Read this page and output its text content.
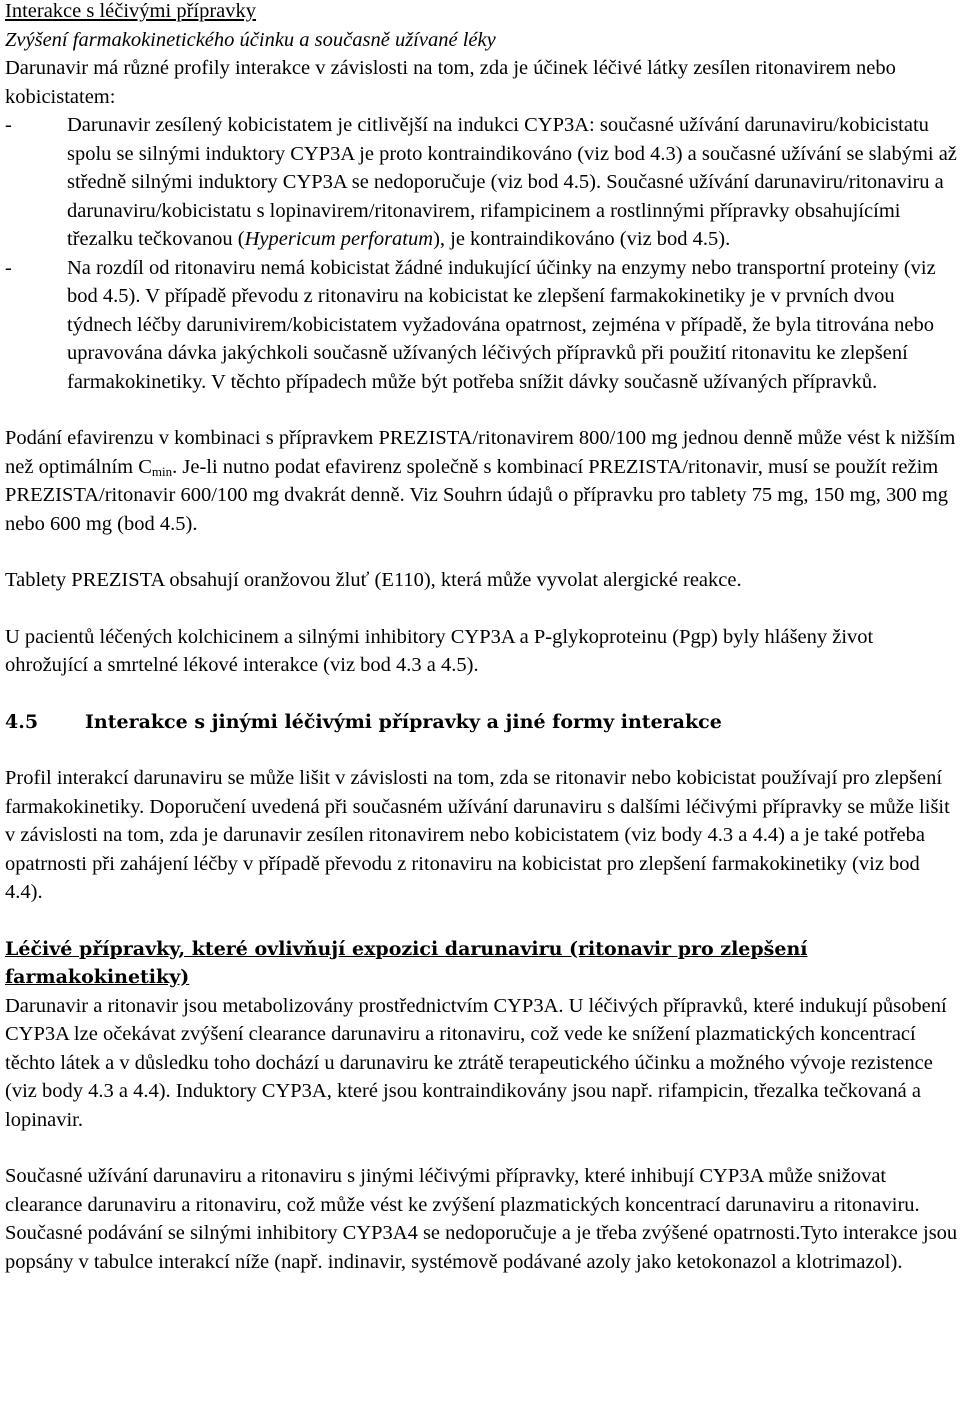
Interakce s léčivými přípravky

Zvýšení farmakokinetického účinku a současně užívané léky

Darunavir má různé profily interakce v závislosti na tom, zda je účinek léčivé látky zesílen ritonavirem nebo kobicistatem:

-	Darunavir zesílený kobicistatem je citlivější na indukci CYP3A: současné užívání darunaviru/kobicistatu spolu se silnými induktory CYP3A je proto kontraindikováno (viz bod 4.3) a současné užívání se slabými až středně silnými induktory CYP3A se nedoporučuje (viz bod 4.5). Současné užívání darunaviru/ritonaviru a darunaviru/kobicistatu s lopinavirem/ritonavirem, rifampicinem a rostlinnými přípravky obsahujícími třezalku tečkovanou (Hypericum perforatum), je kontraindikováno (viz bod 4.5).
-	Na rozdíl od ritonaviru nemá kobicistat žádné indukující účinky na enzymy nebo transportní proteiny (viz bod 4.5). V případě převodu z ritonaviru na kobicistat ke zlepšení farmakokinetiky je v prvních dvou týdnech léčby darunivirem/kobicistatem vyžadována opatrnost, zejména v případě, že byla titrována nebo upravována dávka jakýchkoli současně užívaných léčivých přípravků při použití ritonavitu ke zlepšení farmakokinetiky. V těchto případech může být potřeba snížit dávky současně užívaných přípravků.

Podání efavirenzu v kombinaci s přípravkem PREZISTA/ritonavirem 800/100 mg jednou denně může vést k nižším než optimálním $C_{min}$. Je-li nutno podat efavirenz společně s kombinací PREZISTA/ritonavir, musí se použít režim PREZISTA/ritonavir 600/100 mg dvakrát denně. Viz Souhrn údajů o přípravku pro tablety 75 mg, 150 mg, 300 mg nebo 600 mg (bod 4.5).

Tablety PREZISTA obsahují oranžovou žluť (E110), která může vyvolat alergické reakce.

U pacientů léčených kolchicinem a silnými inhibitory CYP3A a P-glykoproteinu (Pgp) byly hlášeny život ohrožující a smrtelné lékové interakce (viz bod 4.3 a 4.5).

4.5	Interakce s jinými léčivými přípravky a jiné formy interakce

Profil interakcí darunaviru se může lišit v závislosti na tom, zda se ritonavir nebo kobicistat používají pro zlepšení farmakokinetiky. Doporučení uvedená při současném užívání darunaviru s dalšími léčivými přípravky se může lišit v závislosti na tom, zda je darunavir zesílen ritonavirem nebo kobicistatem (viz body 4.3 a 4.4) a je také potřeba opatrnosti při zahájení léčby v případě převodu z ritonaviru na kobicistat pro zlepšení farmakokinetiky (viz bod 4.4).

Léčivé přípravky, které ovlivňují expozici darunaviru (ritonavir pro zlepšení farmakokinetiky)

Darunavir a ritonavir jsou metabolizovány prostřednictvím CYP3A. U léčivých přípravků, které indukují působení CYP3A lze očekávat zvýšení clearance darunaviru a ritonaviru, což vede ke snížení plazmatických koncentrací těchto látek a v důsledku toho dochází u darunaviru ke ztrátě terapeutického účinku a možného vývoje rezistence (viz body 4.3 a 4.4). Induktory CYP3A, které jsou kontraindikovány jsou např. rifampicin, třezalka tečkovaná a lopinavir.

Současné užívání darunaviru a ritonaviru s jinými léčivými přípravky, které inhibují CYP3A může snižovat clearance darunaviru a ritonaviru, což může vést ke zvýšení plazmatických koncentrací darunaviru a ritonaviru. Současné podávání se silnými inhibitory CYP3A4 se nedoporučuje a je třeba zvýšené opatrnosti.Tyto interakce jsou popsány v tabulce interakcí níže (např. indinavir, systémově podávané azoly jako ketokonazol a klotrimazol).
